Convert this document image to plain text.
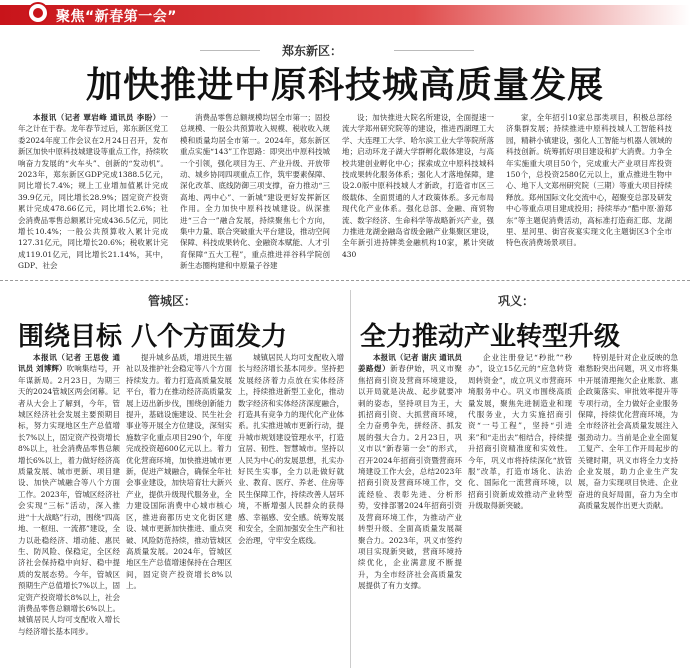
聚焦“新春第一会”
郑东新区：
加快推进中原科技城高质量发展

本报讯（记者 覃岩峰 通讯员 李盼）一年之计在于春。龙年春节过后，郑东新区党工委2024年度工作会议在2月24日召开，发布新区加快中原科技城建设等重点工作，持续吹响奋力发展的“火车头”、创新的“发动机”。2023年，郑东新区GDP完成1388.5亿元，同比增长7.4%；规上工业增加值累计完成39.9亿元，同比增长28.9%；固定资产投资累计完成478.66亿元，同比增长2.6%；社会消费品零售总额累计完成436.5亿元，同比增长10.4%；一般公共预算收入累计完成127.31亿元，同比增长20.6%；税收累计完成119.01亿元，同比增长21.14%，其中，GDP、社会

消费品零售总额规模均居全市第一；固投总规模、一般公共预算收入规模、税收收入规模和质量均居全市第一。2024年，郑东新区重点实施“143”工作思路：即突出中原科技城一个引领，强化项目为王、产业升级、开放带动、城乡协同四项重点工作，筑牢要素保障、深化改革、底线防御三项支撑，奋力推动“三高地、两中心”、一新城”建设更好发挥新区作用。全力加快中原科技城建设。纵深推进“三合一”融合发展，持续聚焦七个方向，集中力量、联合突破重大平台建设，推动空间保障、科技成果转化、金融资本赋能、人才引育保障“五大工程”，重点推进祥谷科学院创新生态圈构建和中原量子谷建

设；加快推进大院名所建设，全面提速一流大学郑州研究院等的建设，推进西湖理工大学、大连理工大学、哈尔滨工业大学等院所落地；启动环龙子湖大学群孵化载体建设，与高校共建创业孵化中心；探索成立中原科技城科技成果转化服务体系；强化人才落地保障，建设2.0版中原科技城人才新政，打造省市区三级载体、全面贯通的人才政策体系。多元布局现代化产业体系。强化总部、金融、商贸物流、数字经济、生命科学等战略新兴产业，强力推进龙湖金融岛省级金融产业集聚区建设，全年新引进持牌类金融机构10家，累计突破430

家，全年招引10家总部类项目，积极总部经济集群发展；持续推进中原科技城人工智能科技园，精耕小镇建设，强化人工智能与机器人领域的科技创新。统筹抓好项目建设和扩大消费。力争全年实施重大项目50个，完成重大产业项目库投资150个，总投资2580亿元以上，重点推进生物中心、地下人文郑州研究院（三期）等重大项目持续释放。郑州国际文化交流中心，超聚变总部及研发中心等重点项目建成投用；持续举办“酷中原·游郑东”等主题促消费活动，高标准打造商汇邸、龙湖里、星河里、街宫夜宴实现文化主题街区3个全市特色夜消费场景项目。

管城区：
围绕目标 八个方面发力

本报讯（记者 王思俊 通讯员 刘博辉）吹响集结号，开年谋新局。2月23日，为期三天的2024管城区两会闭幕。记者从大会上了解到，今年，管城区经济社会发展主要预期目标，努力实现地区生产总值增长7%以上，固定资产投资增长8%以上，社会消费品零售总额增长6%以上，着力做好经济高质量发展、城市更新、项目建设、加快产城融合等八个方面工作。2023年，管城区经济社会实现“三标”活动，深入推进“十大战略”行动，围绕“四高地、一枢纽、一流都”建设，全力以赴稳经济、增动能、惠民生、防风险、保稳定，全区经济社会保持稳中向好、稳中提质的发展态势。今年，管城区预期生产总值增长7%以上，固定资产投资增长8%以上，社会消费品零售总额增长6%以上。城镇居民人均可支配收入增长与经济增长基本同步。

提升城乡品质，增进民生福祉以及推护社会稳定等八个方面持续发力。着力打造高质量发展平台，着力在推动经济高质量发展上迈出新步伐，围绕创新能力提升，基础设施建设、民生社会事业等开展全方位建设，深刻实施数字化重点项目290个，年度完成投资超600亿元以上。着力优化营商环境，加快推进城市更新，促进产城融合，确保全年社会事业建设，加快培育壮大新兴产业，提供升级现代服务业，全力建设国际消费中心城市核心区，推进商都历史文化街区建设、城市更新加快推进、重点突破、风险防范持续，推动管城区高质量发展。2024年，管城区地区生产总值增速保持在合理区间，固定资产投资增长8%以上。

城镇居民人均可支配收入增长与经济增长基本同步。坚持把发展经济着力点放在实体经济上，持续推进新型工业化，推动数字经济和实体经济深度融合，打造具有竞争力的现代化产业体系。扎实推进城市更新行动，提升城市规划建设管理水平，打造宜居、韧性、智慧城市。坚持以人民为中心的发展思想，扎实办好民生实事，全力以赴做好就业、教育、医疗、养老、住房等民生保障工作，持续改善人居环境，不断增强人民群众的获得感、幸福感、安全感。统筹发展和安全，全面加强安全生产和社会治理，守牢安全底线。

巩义：
全力推动产业转型升级

本报讯（记者 谢庆 通讯员 姜路煜）新春伊始，巩义市聚焦招商引资及营商环境建设，以开局就是决战、起步就要冲刺的姿态，坚持项目为王，大抓招商引资、大抓营商环境，全力奋勇争先，拼经济、抓发展的强大合力。2月23日，巩义市以“新春第一会”的形式，召开2024年招商引资暨营商环境建设工作大会，总结2023年招商引资及营商环境工作，交流经验、表彰先进、分析形势，安排部署2024年招商引资及营商环境工作，为推动产业转型升级、全面高质量发展凝聚合力。2023年，巩义市签约项目实现新突破，营商环境持续优化，企业满意度不断提升，为全市经济社会高质量发展提供了有力支撑。

企业注册登记“秒批”“秒办”，设立15亿元的“应急转贷周转资金”，成立巩义市营商环境服务中心。巩义市围绕高质量发展，聚焦先进制造业和现代服务业，大力实施招商引资“一号工程”，坚持“引进来”和“走出去”相结合，持续提升招商引资精准度和实效性。今年，巩义市将持续深化“放管服”改革，打造市场化、法治化、国际化一流营商环境，以招商引资新成效推动产业转型升级取得新突破。

特别是针对企业反映的急难愁盼突出问题，巩义市将集中开展清理拖欠企业账款、惠企政策落实、审批效率提升等专项行动，全力做好企业服务保障，持续优化营商环境，为全市经济社会高质量发展注入强劲动力。当前是企业全面复工复产、全年工作开局起步的关键时期，巩义市将全力支持企业发展，助力企业生产发展，奋力实现项目快进、企业奋进的良好局面，奋力为全市高质量发展作出更大贡献。
